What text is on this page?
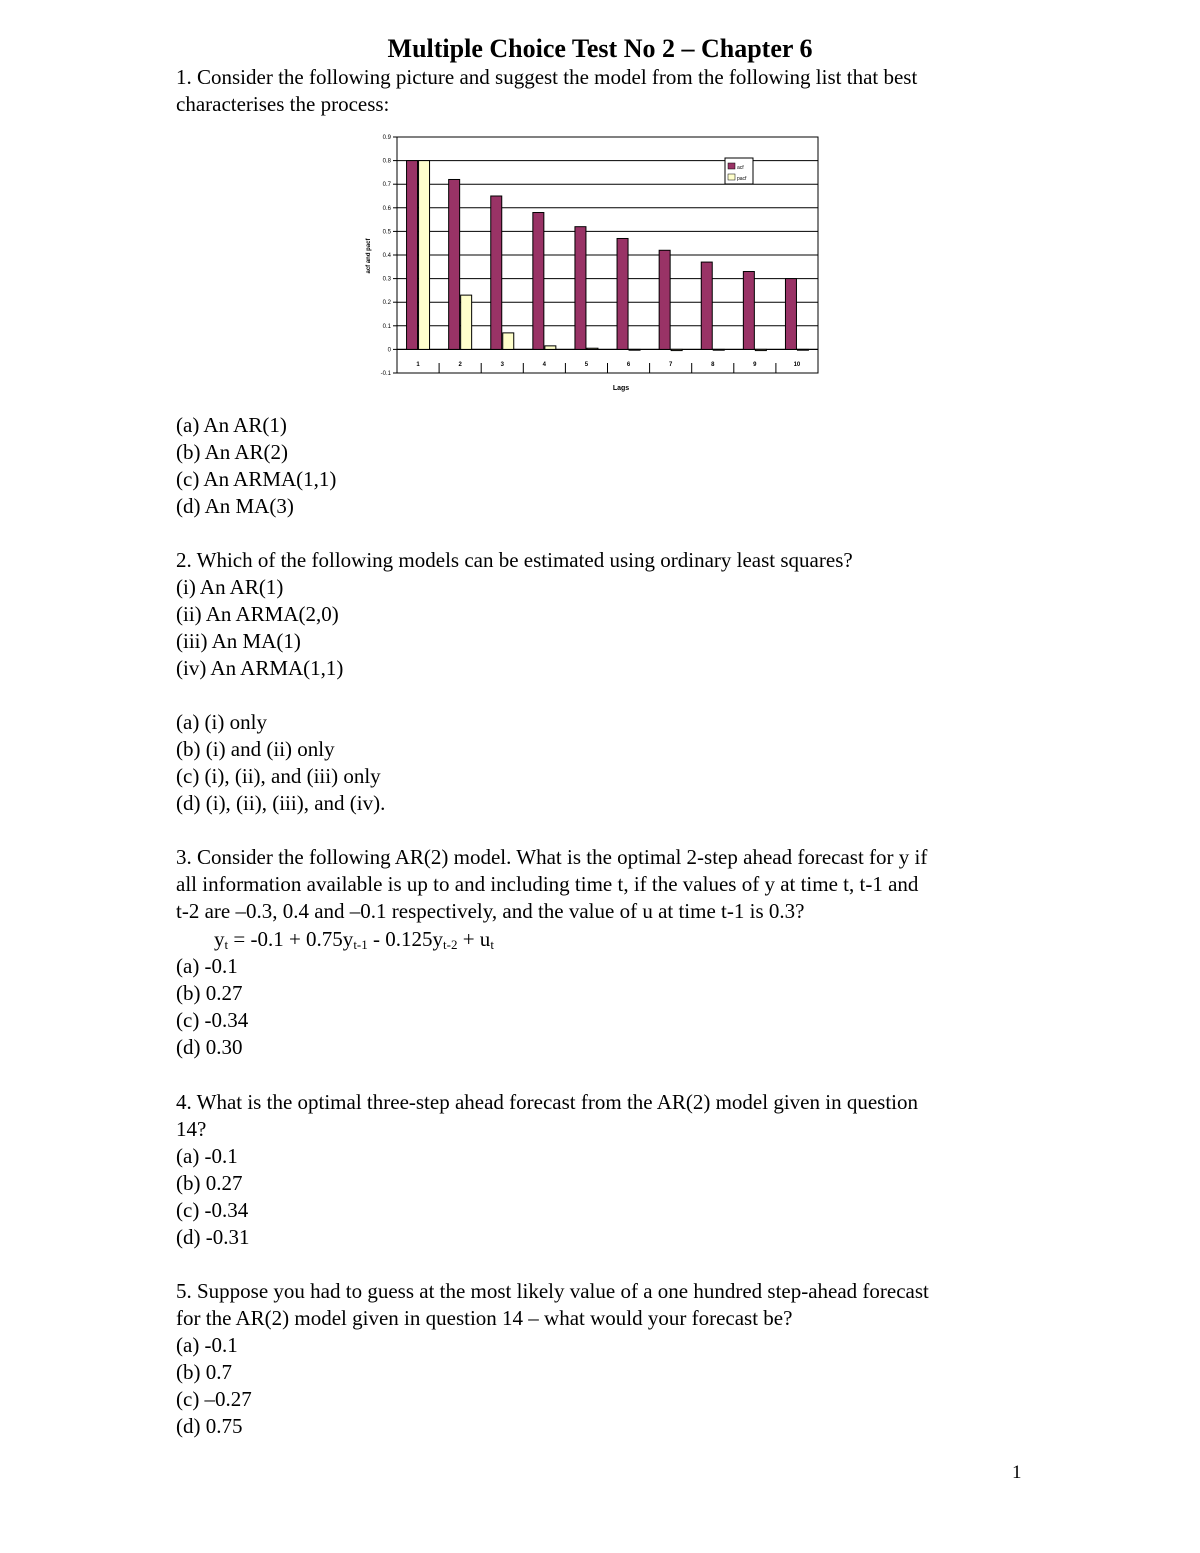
Multiple Choice Test No 2 – Chapter 6
1. Consider the following picture and suggest the model from the following list that best
characterises the process:
-0.1
0
0.1
0.2
0.3
0.4
0.5
0.6
0.7
0.8
0.9
1	2	3	4	5	6	7	8	9	10
acf
pacf
Lags
acf and pacf
(a) An AR(1)
(b) An AR(2)
(c) An ARMA(1,1)
(d) An MA(3)
2. Which of the following models can be estimated using ordinary least squares?
(i) An AR(1)
(ii) An ARMA(2,0)
(iii) An MA(1)
(iv) An ARMA(1,1)
(a) (i) only
(b) (i) and (ii) only
(c) (i), (ii), and (iii) only
(d) (i), (ii), (iii), and (iv).
3. Consider the following AR(2) model. What is the optimal 2-step ahead forecast for y if
all information available is up to and including time t, if the values of y at time t, t-1 and
t-2 are –0.3, 0.4 and –0.1 respectively, and the value of u at time t-1 is 0.3?
$y_t = -0.1 + 0.75y_{t-1} - 0.125y_{t-2} + u_t$
(a) -0.1
(b) 0.27
(c) -0.34
(d) 0.30
4. What is the optimal three-step ahead forecast from the AR(2) model given in question
14?
(a) -0.1
(b) 0.27
(c) -0.34
(d) -0.31
5. Suppose you had to guess at the most likely value of a one hundred step-ahead forecast
for the AR(2) model given in question 14 – what would your forecast be?
(a) -0.1
(b) 0.7
(c) –0.27
(d) 0.75
1
